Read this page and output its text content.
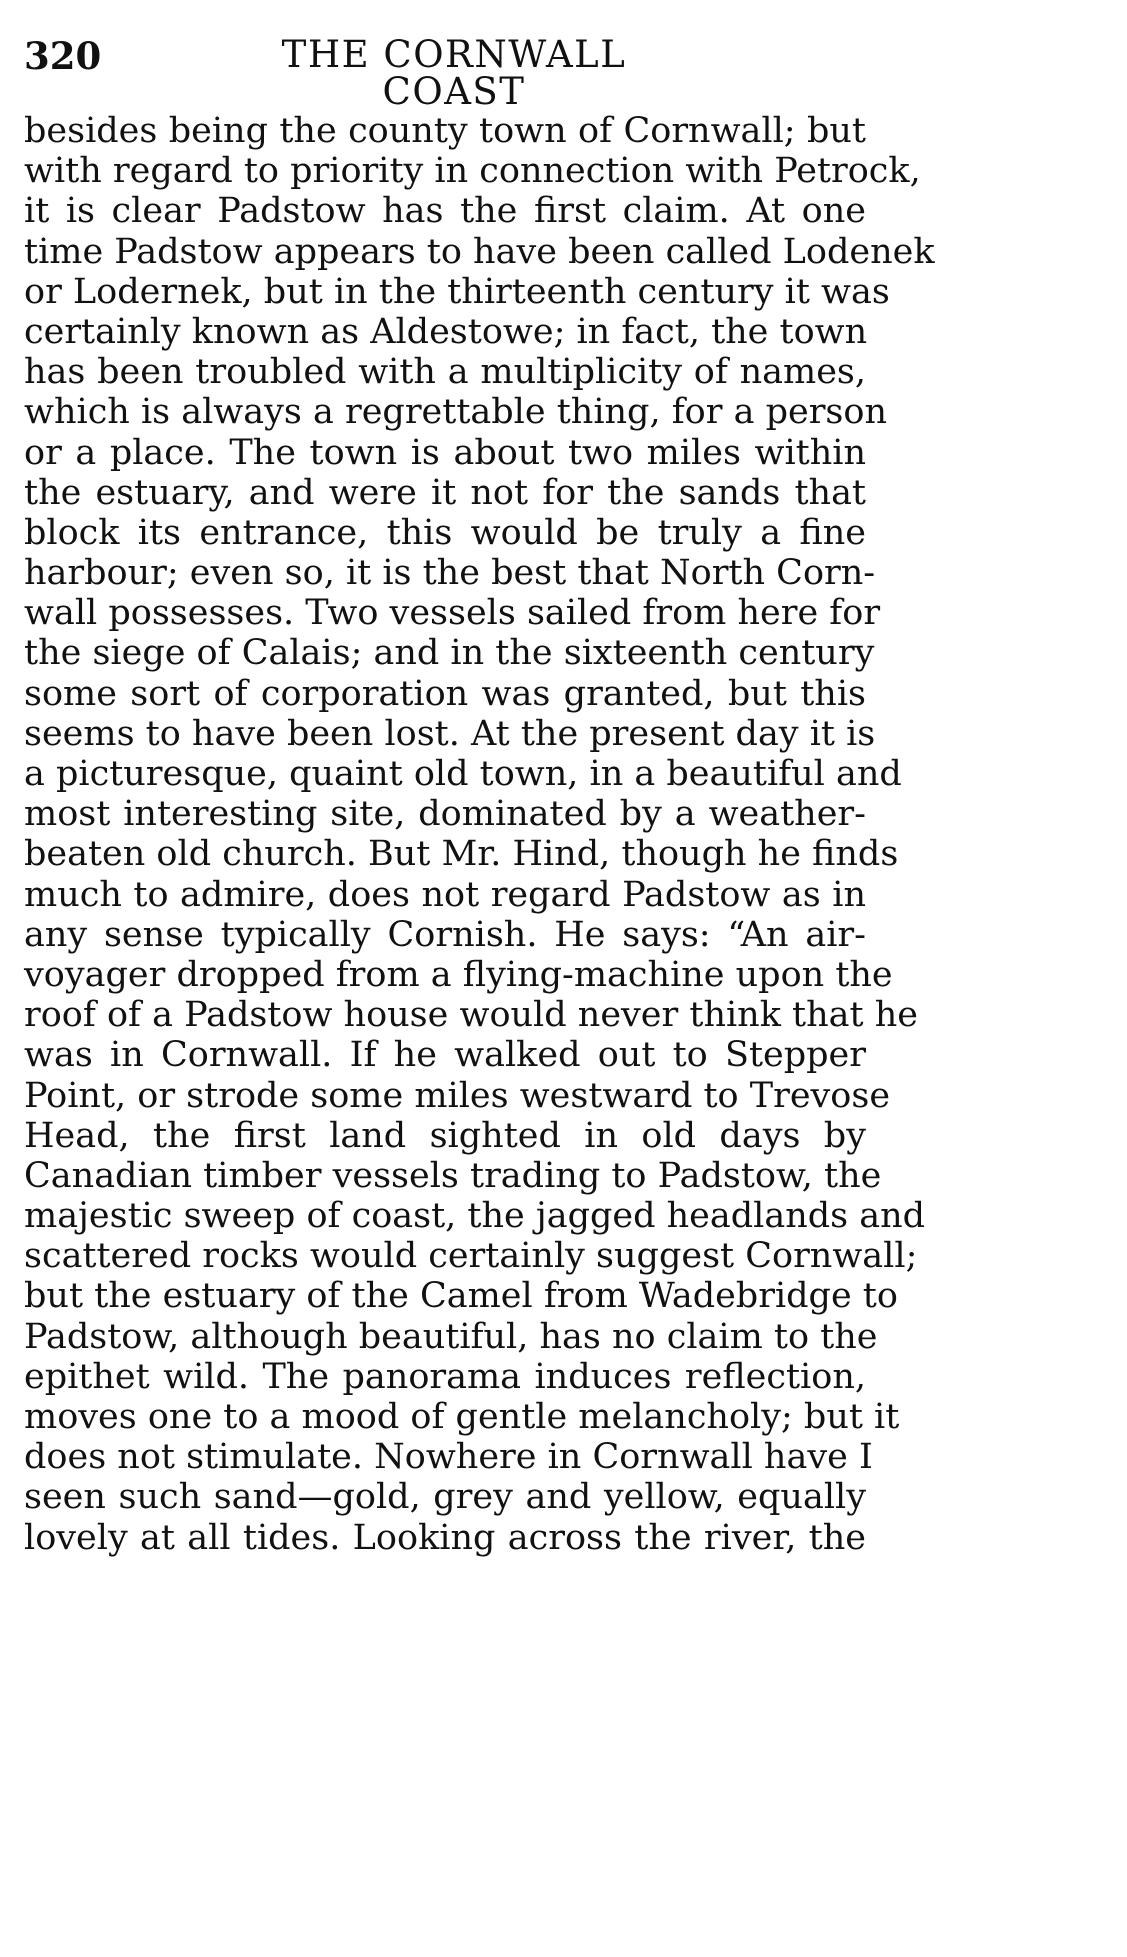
320	THE CORNWALL COAST
besides being the county town of Cornwall; but
with regard to priority in connection with Petrock,
it is clear Padstow has the first claim. At one
time Padstow appears to have been called Lodenek
or Lodernek, but in the thirteenth century it was
certainly known as Aldestowe; in fact, the town
has been troubled with a multiplicity of names,
which is always a regrettable thing, for a person
or a place. The town is about two miles within
the estuary, and were it not for the sands that
block its entrance, this would be truly a fine
harbour; even so, it is the best that North Corn-
wall possesses. Two vessels sailed from here for
the siege of Calais; and in the sixteenth century
some sort of corporation was granted, but this
seems to have been lost. At the present day it is
a picturesque, quaint old town, in a beautiful and
most interesting site, dominated by a weather-
beaten old church. But Mr. Hind, though he finds
much to admire, does not regard Padstow as in
any sense typically Cornish. He says: “An air-
voyager dropped from a flying-machine upon the
roof of a Padstow house would never think that he
was in Cornwall. If he walked out to Stepper
Point, or strode some miles westward to Trevose
Head, the first land sighted in old days by
Canadian timber vessels trading to Padstow, the
majestic sweep of coast, the jagged headlands and
scattered rocks would certainly suggest Cornwall;
but the estuary of the Camel from Wadebridge to
Padstow, although beautiful, has no claim to the
epithet wild. The panorama induces reflection,
moves one to a mood of gentle melancholy; but it
does not stimulate. Nowhere in Cornwall have I
seen such sand—gold, grey and yellow, equally
lovely at all tides. Looking across the river, the
